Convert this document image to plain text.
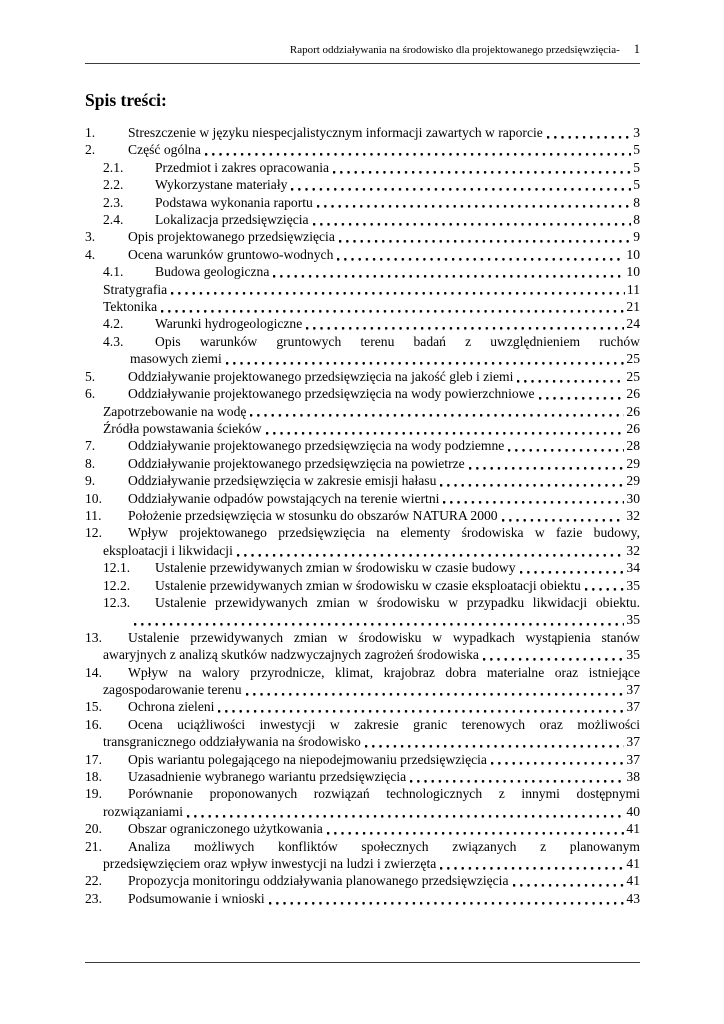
Raport oddziaływania na środowisko dla projektowanego przedsięwzięcia- 1
Spis treści:
1.	Streszczenie w języku niespecjalistycznym informacji zawartych w raporcie	3
2.	Część ogólna	5
2.1.	Przedmiot i zakres opracowania	5
2.2.	Wykorzystane materiały	5
2.3.	Podstawa wykonania raportu	8
2.4.	Lokalizacja przedsięwzięcia	8
3.	Opis projektowanego przedsięwzięcia	9
4.	Ocena warunków gruntowo-wodnych	10
4.1.	Budowa geologiczna	10
Stratygrafia	11
Tektonika	21
4.2.	Warunki hydrogeologiczne	24
4.3.	Opis warunków gruntowych terenu badań z uwzględnieniem ruchów
masowych ziemi	25
5.	Oddziaływanie projektowanego przedsięwzięcia na jakość gleb i ziemi	25
6.	Oddziaływanie projektowanego przedsięwzięcia na wody powierzchniowe	26
Zapotrzebowanie na wodę	26
Źródła powstawania ścieków	26
7.	Oddziaływanie projektowanego przedsięwzięcia na wody podziemne	28
8.	Oddziaływanie projektowanego przedsięwzięcia na powietrze	29
9.	Oddziaływanie przedsięwzięcia w zakresie emisji hałasu	29
10.	Oddziaływanie odpadów powstających na terenie wiertni	30
11.	Położenie przedsięwzięcia w stosunku do obszarów NATURA 2000	32
12.	Wpływ projektowanego przedsięwzięcia na elementy środowiska w fazie budowy,
eksploatacji i likwidacji	32
12.1.	Ustalenie przewidywanych zmian w środowisku w czasie budowy	34
12.2.	Ustalenie przewidywanych zmian w środowisku w czasie eksploatacji obiektu	35
12.3.	Ustalenie przewidywanych zmian w środowisku w przypadku likwidacji obiektu.
35
13.	Ustalenie przewidywanych zmian w środowisku w wypadkach wystąpienia stanów
awaryjnych z analizą skutków nadzwyczajnych zagrożeń środowiska	35
14.	Wpływ na walory przyrodnicze, klimat, krajobraz dobra materialne oraz istniejące
zagospodarowanie terenu	37
15.	Ochrona zieleni	37
16.	Ocena uciążliwości inwestycji w zakresie granic terenowych oraz możliwości
transgranicznego oddziaływania na środowisko	37
17.	Opis wariantu polegającego na niepodejmowaniu przedsięwzięcia	37
18.	Uzasadnienie wybranego wariantu przedsięwzięcia	38
19.	Porównanie proponowanych rozwiązań technologicznych z innymi dostępnymi
rozwiązaniami	40
20.	Obszar ograniczonego użytkowania	41
21.	Analiza możliwych konfliktów społecznych związanych z planowanym
przedsięwzięciem oraz wpływ inwestycji na ludzi i zwierzęta	41
22.	Propozycja monitoringu oddziaływania planowanego przedsięwzięcia	41
23.	Podsumowanie i wnioski	43
